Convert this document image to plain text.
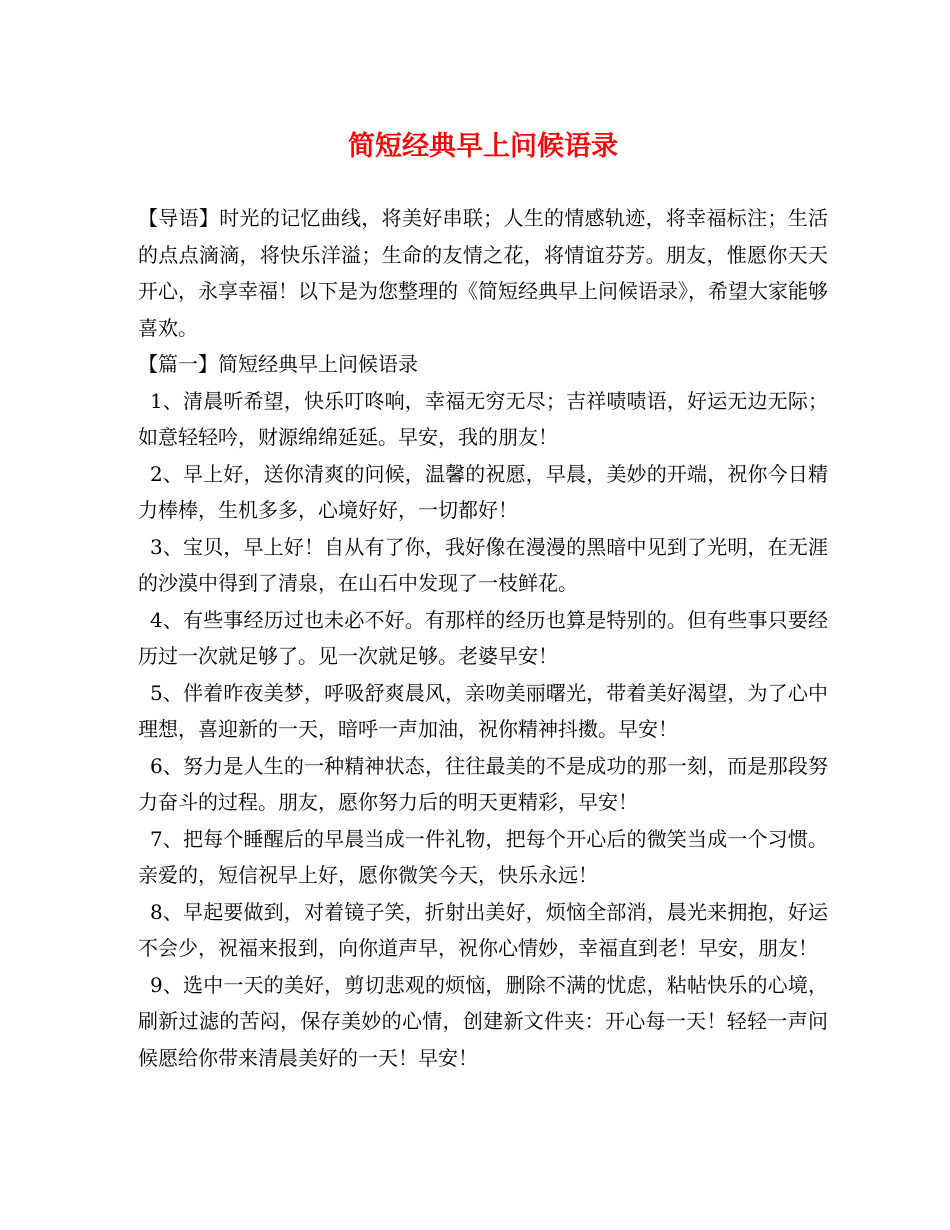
简短经典早上问候语录

【导语】时光的记忆曲线，将美好串联；人生的情感轨迹，将幸福标注；生活的点点滴滴，将快乐洋溢；生命的友情之花，将情谊芬芳。朋友，惟愿你天天开心，永享幸福！以下是为您整理的《简短经典早上问候语录》，希望大家能够喜欢。

【篇一】简短经典早上问候语录

1、清晨听希望，快乐叮咚响，幸福无穷无尽；吉祥啧啧语，好运无边无际；如意轻轻吟，财源绵绵延延。早安，我的朋友！

2、早上好，送你清爽的问候，温馨的祝愿，早晨，美妙的开端，祝你今日精力棒棒，生机多多，心境好好，一切都好！

3、宝贝，早上好！自从有了你，我好像在漫漫的黑暗中见到了光明，在无涯的沙漠中得到了清泉，在山石中发现了一枝鲜花。

4、有些事经历过也未必不好。有那样的经历也算是特别的。但有些事只要经历过一次就足够了。见一次就足够。老婆早安！

5、伴着昨夜美梦，呼吸舒爽晨风，亲吻美丽曙光，带着美好渴望，为了心中理想，喜迎新的一天，暗呼一声加油，祝你精神抖擞。早安！

6、努力是人生的一种精神状态，往往最美的不是成功的那一刻，而是那段努力奋斗的过程。朋友，愿你努力后的明天更精彩，早安！

7、把每个睡醒后的早晨当成一件礼物，把每个开心后的微笑当成一个习惯。亲爱的，短信祝早上好，愿你微笑今天，快乐永远！

8、早起要做到，对着镜子笑，折射出美好，烦恼全部消，晨光来拥抱，好运不会少，祝福来报到，向你道声早，祝你心情妙，幸福直到老！早安，朋友！

9、选中一天的美好，剪切悲观的烦恼，删除不满的忧虑，粘帖快乐的心境，刷新过滤的苦闷，保存美妙的心情，创建新文件夹：开心每一天！轻轻一声问候愿给你带来清晨美好的一天！早安！
